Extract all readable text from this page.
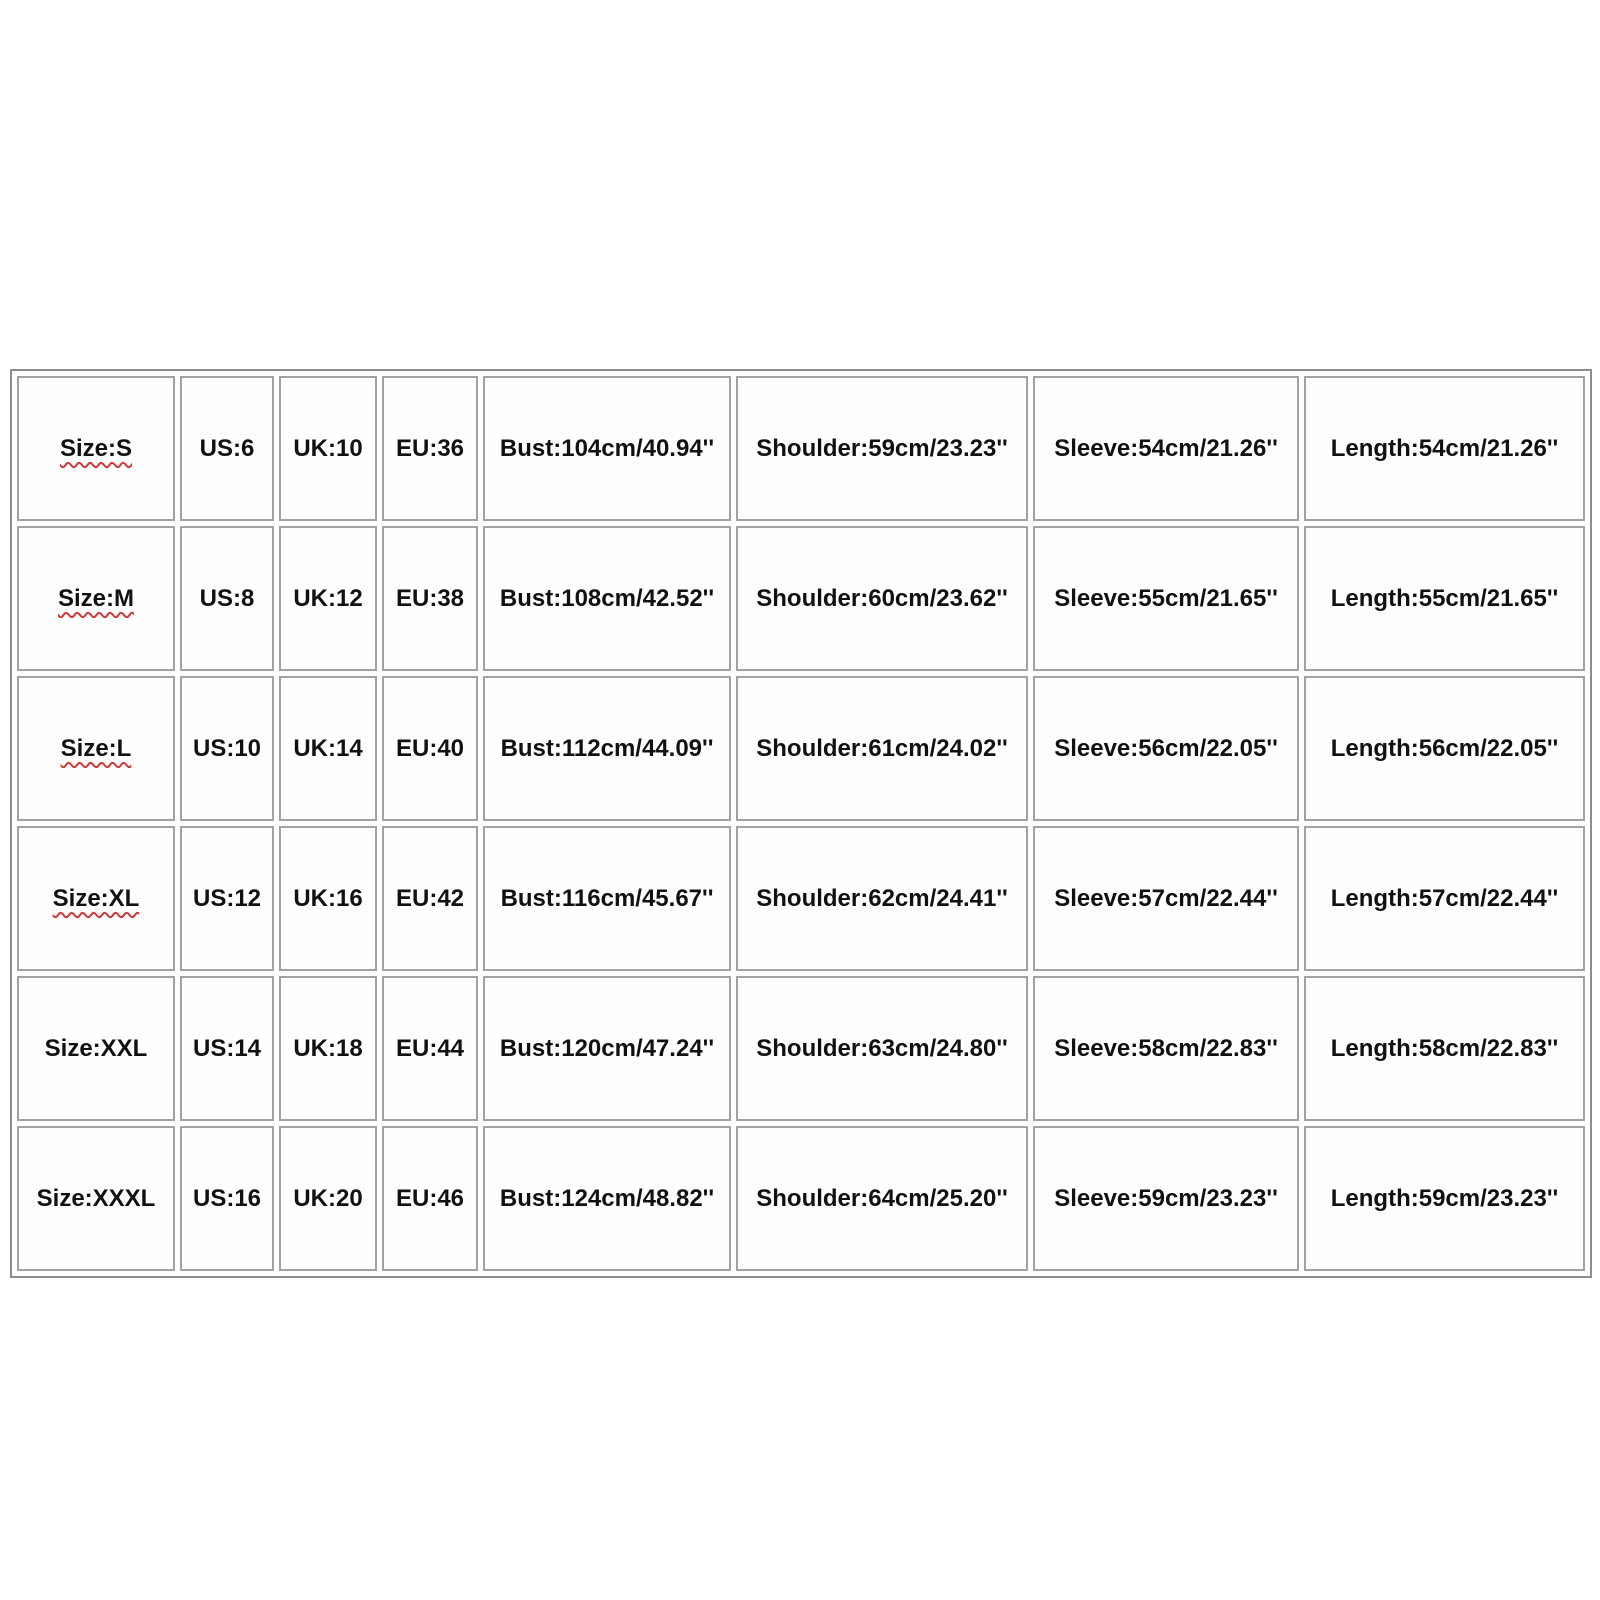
Size:S	US:6	UK:10	EU:36	Bust:104cm/40.94''	Shoulder:59cm/23.23''	Sleeve:54cm/21.26''	Length:54cm/21.26''
Size:M	US:8	UK:12	EU:38	Bust:108cm/42.52''	Shoulder:60cm/23.62''	Sleeve:55cm/21.65''	Length:55cm/21.65''
Size:L	US:10	UK:14	EU:40	Bust:112cm/44.09''	Shoulder:61cm/24.02''	Sleeve:56cm/22.05''	Length:56cm/22.05''
Size:XL	US:12	UK:16	EU:42	Bust:116cm/45.67''	Shoulder:62cm/24.41''	Sleeve:57cm/22.44''	Length:57cm/22.44''
Size:XXL	US:14	UK:18	EU:44	Bust:120cm/47.24''	Shoulder:63cm/24.80''	Sleeve:58cm/22.83''	Length:58cm/22.83''
Size:XXXL	US:16	UK:20	EU:46	Bust:124cm/48.82''	Shoulder:64cm/25.20''	Sleeve:59cm/23.23''	Length:59cm/23.23''
